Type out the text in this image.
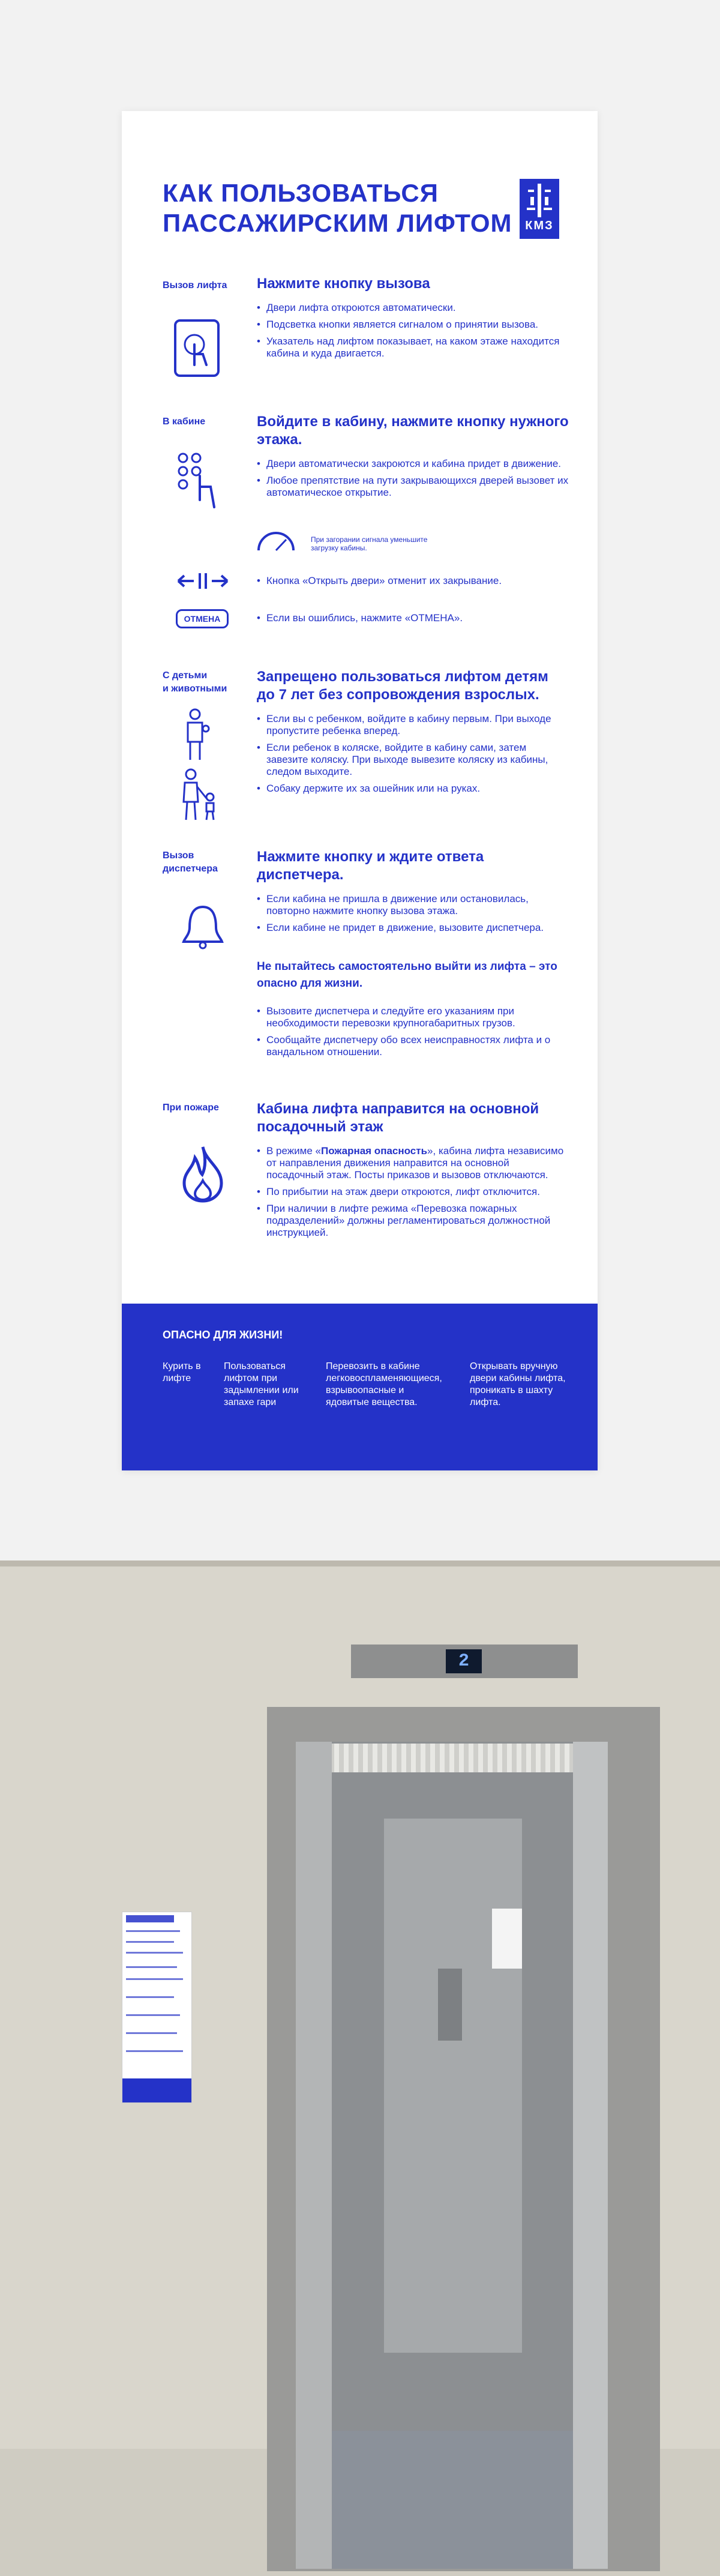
КАК ПОЛЬЗОВАТЬСЯ
ПАССАЖИРСКИМ ЛИФТОМ	КМЗ
Вызов лифта Нажмите кнопку вызова
• Двери лифта откроются автоматически.
• Подсветка кнопки является сигналом о принятии вызова.
• Указатель над лифтом показывает, на каком этаже находится кабина и куда двигается.
В кабине	Войдите в кабину, нажмите кнопку нужного этажа.
• Двери автоматически закроются и кабина придет в движение.
• Любое препятствие на пути закрывающихся дверей вызовет их автоматическое открытие.
При загорании сигнала уменьшите загрузку кабины.
• Кнопка «Открыть двери» отменит их закрывание.
ОТМЕНА
•	Если вы ошиблись, нажмите «ОТМЕНА».
С детьми
и животными
Запрещено пользоваться лифтом детям до 7 лет без сопровождения взрослых.
• Если вы с ребенком, войдите в кабину первым. При выходе пропустите ребенка вперед.
• Если ребенок в коляске, войдите в кабину сами, затем завезите коляску. При выходе вывезите коляску из кабины, следом выходите.
• Собаку держите их за ошейник или на руках.
Вызов
диспетчера
Нажмите кнопку и ждите ответа диспетчера.
• Если кабина не пришла в движение или остановилась, повторно нажмите кнопку вызова этажа.
• Если кабине не придет в движение, вызовите диспетчера.
Не пытайтесь самостоятельно выйти из лифта – это опасно для жизни.
• Вызовите диспетчера и следуйте его указаниям при необходимости перевозки крупногабаритных грузов.
• Сообщайте диспетчеру обо всех неисправностях лифта и о вандальном отношении.
При пожаре	Кабина лифта направится на основной посадочный этаж
• В режиме «Пожарная опасность», кабина лифта независимо от направления движения направится на основной посадочный этаж. Посты приказов и вызовов отключаются.
• По прибытии на этаж двери откроются, лифт отключится.
• При наличии в лифте режима «Перевозка пожарных подразделений» должны регламентироваться должностной инструкцией.
ОПАСНО ДЛЯ ЖИЗНИ!
Курить в лифте
Пользоваться лифтом при задымлении или запахе гари
Перевозить в кабине легковоспламеняющиеся, взрывоопасные и ядовитые вещества.
Открывать вручную двери кабины лифта, проникать в шахту лифта.
2
